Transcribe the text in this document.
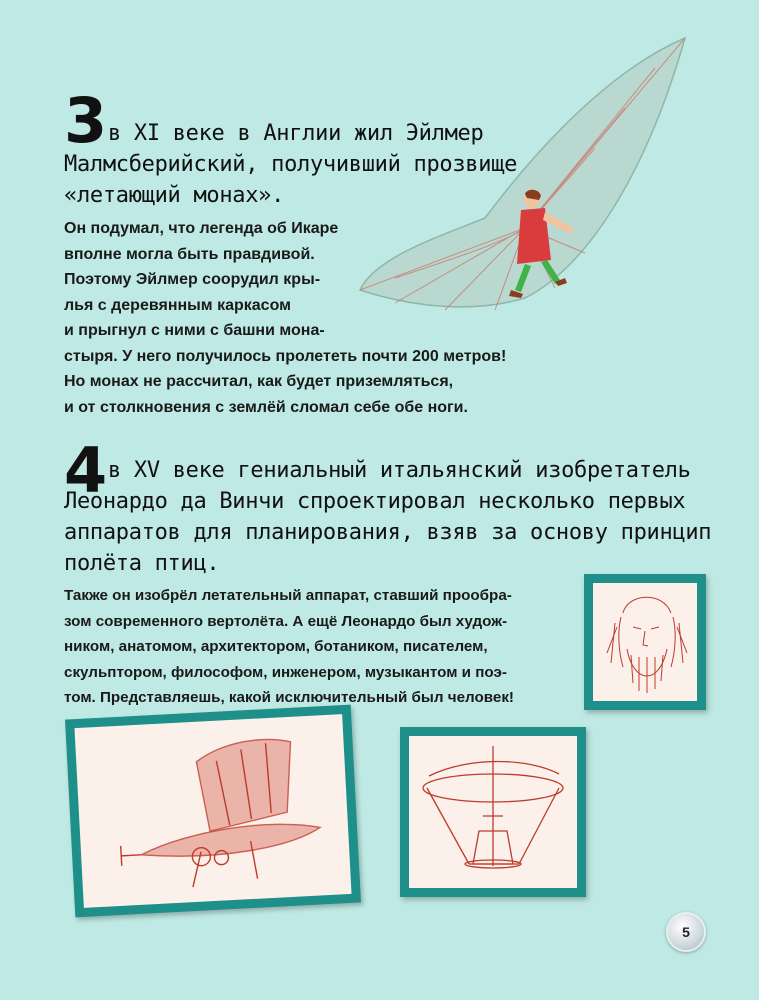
3 в XI веке в Англии жил Эйлмер
Малмсберийский, получивший прозвище
«летающий монах».

Он подумал, что легенда об Икаре
вполне могла быть правдивой.
Поэтому Эйлмер соорудил кры-
лья с деревянным каркасом
и прыгнул с ними с башни мона-
стыря. У него получилось пролететь почти 200 метров!
Но монах не рассчитал, как будет приземляться,
и от столкновения с землёй сломал себе обе ноги.

4 в XV веке гениальный итальянский изобретатель
Леонардо да Винчи спроектировал несколько первых
аппаратов для планирования, взяв за основу принцип
полёта птиц.

Также он изобрёл летательный аппарат, ставший прообра-
зом современного вертолёта. А ещё Леонардо был худож-
ником, анатомом, архитектором, ботаником, писателем,
скульптором, философом, инженером, музыкантом и поэ-
том. Представляешь, какой исключительный был человек!

5
